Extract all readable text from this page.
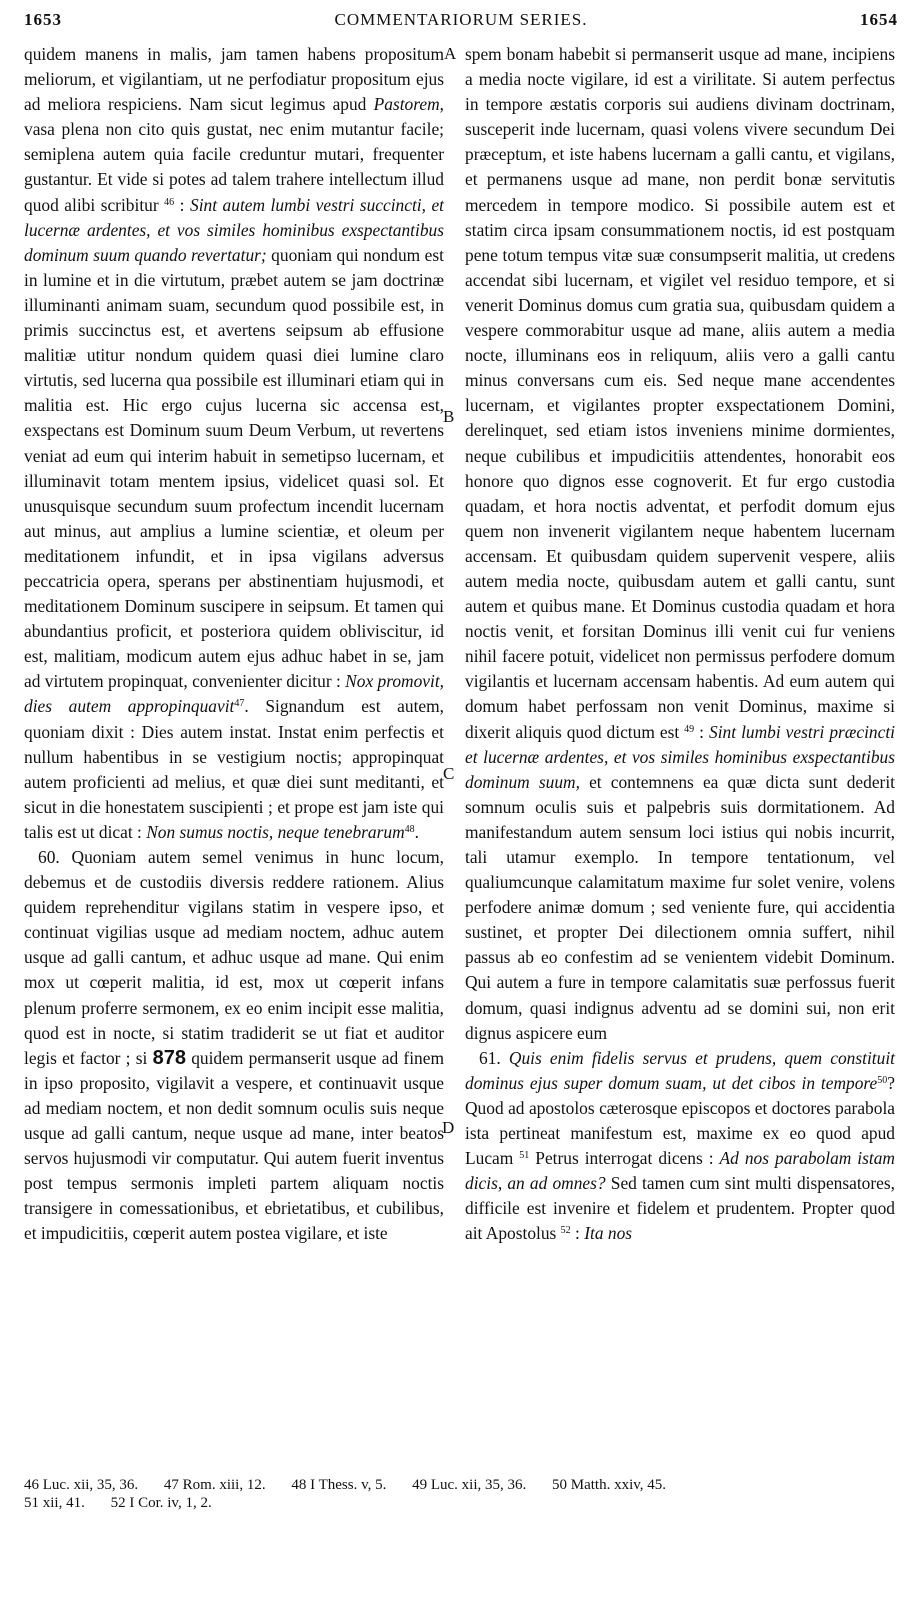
1653	COMMENTARIORUM SERIES.	1654
A
B
C
D

quidem manens in malis, jam tamen habens propositum meliorum, et vigilantiam, ut ne perfodiatur propositum ejus ad meliora respiciens. Nam sicut legimus apud Pastorem, vasa plena non cito quis gustat, nec enim mutantur facile; semiplena autem quia facile creduntur mutari, frequenter gustantur. Et vide si potes ad talem trahere intellectum illud quod alibi scribitur $^{46}$ : Sint autem lumbi vestri succincti, et lucernæ ardentes, et vos similes hominibus exspectantibus dominum suum quando revertatur; quoniam qui nondum est in lumine et in die virtutum, præbet autem se jam doctrinæ illuminanti animam suam, secundum quod possibile est, in primis succinctus est, et avertens seipsum ab effusione malitiæ utitur nondum quidem quasi diei lumine claro virtutis, sed lucerna qua possibile est illuminari etiam qui in malitia est. Hic ergo cujus lucerna sic accensa est, exspectans est Dominum suum Deum Verbum, ut revertens veniat ad eum qui interim habuit in semetipso lucernam, et illuminavit totam mentem ipsius, videlicet quasi sol. Et unusquisque secundum suum profectum incendit lucernam aut minus, aut amplius a lumine scientiæ, et oleum per meditationem infundit, et in ipsa vigilans adversus peccatricia opera, sperans per abstinentiam hujusmodi, et meditationem Dominum suscipere in seipsum. Et tamen qui abundantius proficit, et posteriora quidem obliviscitur, id est, malitiam, modicum autem ejus adhuc habet in se, jam ad virtutem propinquat, convenienter dicitur : Nox promovit, dies autem appropinquavit$^{47}$. Signandum est autem, quoniam dixit : Dies autem instat. Instat enim perfectis et nullum habentibus in se vestigium noctis; appropinquat autem proficienti ad melius, et quæ diei sunt meditanti, et sicut in die honestatem suscipienti ; et prope est jam iste qui talis est ut dicat : Non sumus noctis, neque tenebrarum$^{48}$.

60. Quoniam autem semel venimus in hunc locum, debemus et de custodiis diversis reddere rationem. Alius quidem reprehenditur vigilans statim in vespere ipso, et continuat vigilias usque ad mediam noctem, adhuc autem usque ad galli cantum, et adhuc usque ad mane. Qui enim mox ut cœperit malitia, id est, mox ut cœperit infans plenum proferre sermonem, ex eo enim incipit esse malitia, quod est in nocte, si statim tradiderit se ut fiat et auditor legis et factor ; si 878 quidem permanserit usque ad finem in ipso proposito, vigilavit a vespere, et continuavit usque ad mediam noctem, et non dedit somnum oculis suis neque usque ad galli cantum, neque usque ad mane, inter beatos servos hujusmodi vir computatur. Qui autem fuerit inventus post tempus sermonis impleti partem aliquam noctis transigere in comessationibus, et ebrietatibus, et cubilibus, et impudicitiis, cœperit autem postea vigilare, et iste

spem bonam habebit si permanserit usque ad mane, incipiens a media nocte vigilare, id est a virilitate. Si autem perfectus in tempore æstatis corporis sui audiens divinam doctrinam, susceperit inde lucernam, quasi volens vivere secundum Dei præceptum, et iste habens lucernam a galli cantu, et vigilans, et permanens usque ad mane, non perdit bonæ servitutis mercedem in tempore modico. Si possibile autem est et statim circa ipsam consummationem noctis, id est postquam pene totum tempus vitæ suæ consumpserit malitia, ut credens accendat sibi lucernam, et vigilet vel residuo tempore, et si venerit Dominus domus cum gratia sua, quibusdam quidem a vespere commorabitur usque ad mane, aliis autem a media nocte, illuminans eos in reliquum, aliis vero a galli cantu minus conversans cum eis. Sed neque mane accendentes lucernam, et vigilantes propter exspectationem Domini, derelinquet, sed etiam istos inveniens minime dormientes, neque cubilibus et impudicitiis attendentes, honorabit eos honore quo dignos esse cognoverit. Et fur ergo custodia quadam, et hora noctis adventat, et perfodit domum ejus quem non invenerit vigilantem neque habentem lucernam accensam. Et quibusdam quidem supervenit vespere, aliis autem media nocte, quibusdam autem et galli cantu, sunt autem et quibus mane. Et Dominus custodia quadam et hora noctis venit, et forsitan Dominus illi venit cui fur veniens nihil facere potuit, videlicet non permissus perfodere domum vigilantis et lucernam accensam habentis. Ad eum autem qui domum habet perfossam non venit Dominus, maxime si dixerit aliquis quod dictum est $^{49}$ : Sint lumbi vestri præcincti et lucernæ ardentes, et vos similes hominibus exspectantibus dominum suum, et contemnens ea quæ dicta sunt dederit somnum oculis suis et palpebris suis dormitationem. Ad manifestandum autem sensum loci istius qui nobis incurrit, tali utamur exemplo. In tempore tentationum, vel qualiumcunque calamitatum maxime fur solet venire, volens perfodere animæ domum ; sed veniente fure, qui accidentia sustinet, et propter Dei dilectionem omnia suffert, nihil passus ab eo confestim ad se venientem videbit Dominum. Qui autem a fure in tempore calamitatis suæ perfossus fuerit domum, quasi indignus adventu ad se domini sui, non erit dignus aspicere eum

61. Quis enim fidelis servus et prudens, quem constituit dominus ejus super domum suam, ut det cibos in tempore$^{50}$? Quod ad apostolos cæterosque episcopos et doctores parabola ista pertineat manifestum est, maxime ex eo quod apud Lucam $^{51}$ Petrus interrogat dicens : Ad nos parabolam istam dicis, an ad omnes? Sed tamen cum sint multi dispensatores, difficile est invenire et fidelem et prudentem. Propter quod ait Apostolus $^{52}$ : Ita nos

46 Luc. xii, 35, 36. 47 Rom. xiii, 12. 48 I Thess. v, 5. 49 Luc. xii, 35, 36. 50 Matth. xxiv, 45.

51 xii, 41. 52 I Cor. iv, 1, 2.
